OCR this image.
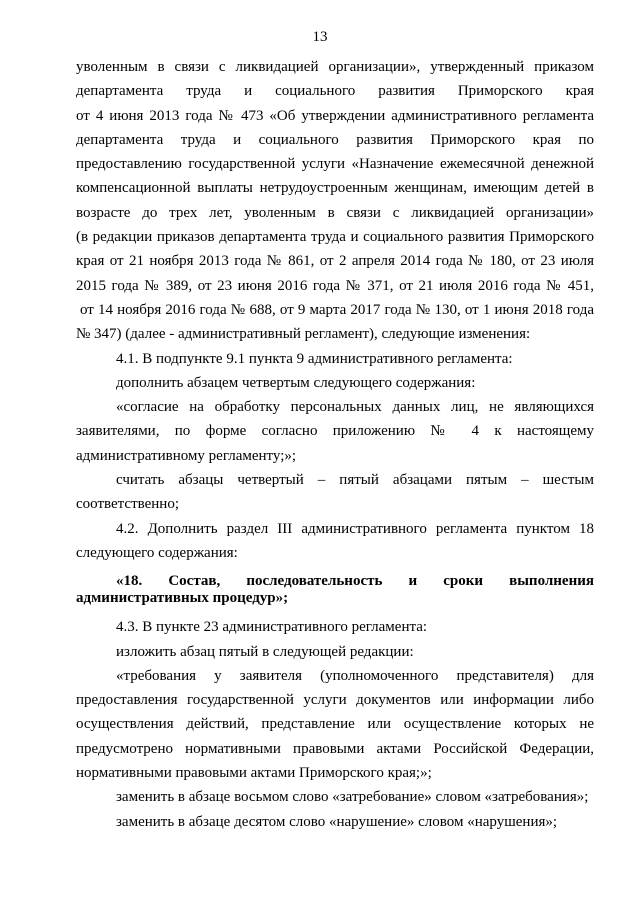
13

уволенным в связи с ликвидацией организации», утвержденный приказом

департамента труда и социального развития Приморского края

от 4 июня 2013 года № 473 «Об утверждении административного регламента

департамента труда и социального развития Приморского края по

предоставлению государственной услуги «Назначение ежемесячной денежной

компенсационной выплаты нетрудоустроенным женщинам, имеющим детей в

возрасте до трех лет, уволенным в связи с ликвидацией организации»

(в редакции приказов департамента труда и социального развития Приморского

края от 21 ноября 2013 года № 861, от 2 апреля 2014 года № 180, от 23 июля

2015 года № 389, от 23 июня 2016 года № 371, от 21 июля 2016 года № 451,

от 14 ноября 2016 года № 688, от 9 марта 2017 года № 130, от 1 июня 2018 года

№ 347) (далее - административный регламент), следующие изменения:

4.1. В подпункте 9.1 пункта 9 административного регламента:

дополнить абзацем четвертым следующего содержания:

«согласие на обработку персональных данных лиц, не являющихся

заявителями, по форме согласно приложению № 4 к настоящему

административному регламенту;»;

считать абзацы четвертый – пятый абзацами пятым – шестым

соответственно;

4.2. Дополнить раздел III административного регламента пунктом 18

следующего содержания:

«18. Состав, последовательность и сроки выполнения

административных процедур»;

4.3. В пункте 23 административного регламента:

изложить абзац пятый в следующей редакции:

«требования у заявителя (уполномоченного представителя) для

предоставления государственной услуги документов или информации либо

осуществления действий, представление или осуществление которых не

предусмотрено нормативными правовыми актами Российской Федерации,

нормативными правовыми актами Приморского края;»;

заменить в абзаце восьмом слово «затребование» словом «затребования»;

заменить в абзаце десятом слово «нарушение» словом «нарушения»;
